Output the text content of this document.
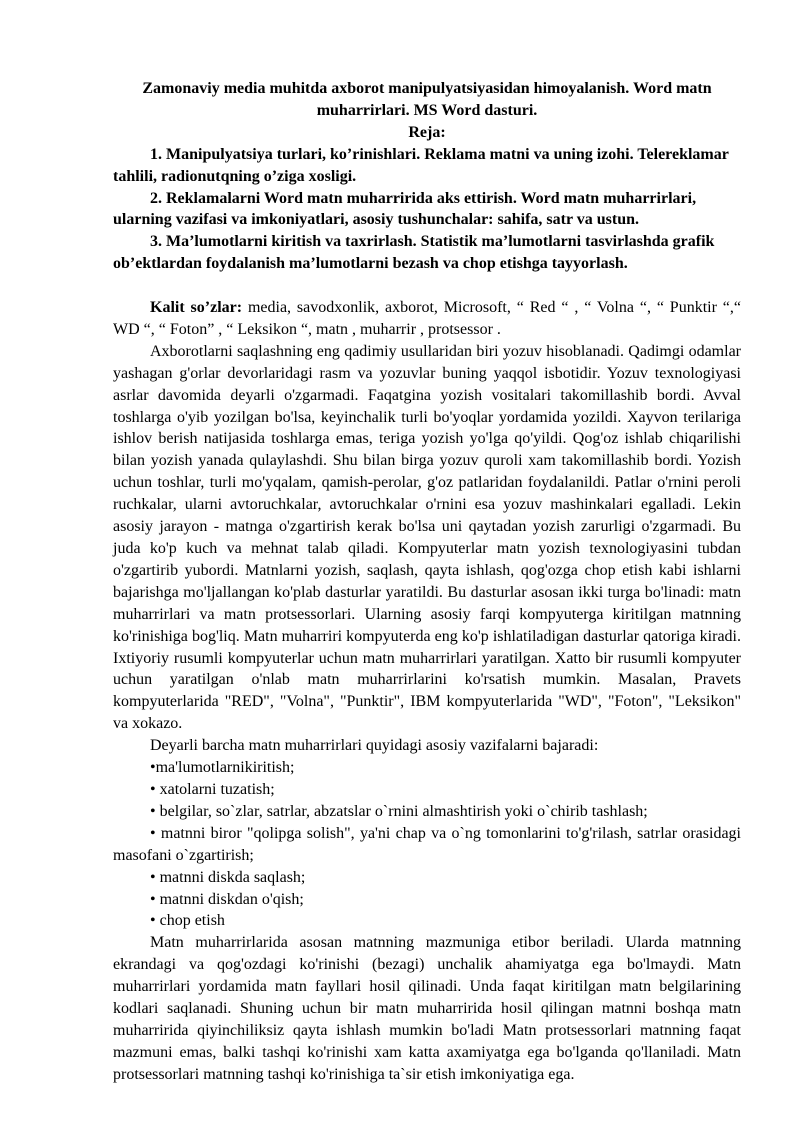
Zamonaviy media muhitda axborot manipulyatsiyasidan himoyalanish. Word matn muharrirlari. MS Word dasturi.

Reja:

1. Manipulyatsiya turlari, ko’rinishlari. Reklama matni va uning izohi. Telereklamar tahlili, radionutqning o’ziga xosligi.

2. Reklamalarni Word matn muharririda aks ettirish. Word matn muharrirlari, ularning vazifasi va imkoniyatlari, asosiy tushunchalar: sahifa, satr va ustun.

3. Ma’lumotlarni kiritish va taxrirlash. Statistik ma’lumotlarni tasvirlashda grafik ob’ektlardan foydalanish ma’lumotlarni bezash va chop etishga tayyorlash.

Kalit so’zlar: media, savodxonlik, axborot, Microsoft, “ Red “ , “ Volna “, “ Punktir “,“ WD “, “ Foton” , “ Leksikon “, matn , muharrir , protsessor .

Axborotlarni saqlashning eng qadimiy usullaridan biri yozuv hisoblanadi. Qadimgi odamlar yashagan g'orlar devorlaridagi rasm va yozuvlar buning yaqqol isbotidir. Yozuv texnologiyasi asrlar davomida deyarli o'zgarmadi. Faqatgina yozish vositalari takomillashib bordi. Avval toshlarga o'yib yozilgan bo'lsa, keyinchalik turli bo'yoqlar yordamida yozildi. Xayvon terilariga ishlov berish natijasida toshlarga emas, teriga yozish yo'lga qo'yildi. Qog'oz ishlab chiqarilishi bilan yozish yanada qulaylashdi. Shu bilan birga yozuv quroli xam takomillashib bordi. Yozish uchun toshlar, turli mo'yqalam, qamish-perolar, g'oz patlaridan foydalanildi. Patlar o'rnini peroli ruchkalar, ularni avtoruchkalar, avtoruchkalar o'rnini esa yozuv mashinkalari egalladi. Lekin asosiy jarayon - matnga o'zgartirish kerak bo'lsa uni qaytadan yozish zarurligi o'zgarmadi. Bu juda ko'p kuch va mehnat talab qiladi. Kompyuterlar matn yozish texnologiyasini tubdan o'zgartirib yubordi. Matnlarni yozish, saqlash, qayta ishlash, qog'ozga chop etish kabi ishlarni bajarishga mo'ljallangan ko'plab dasturlar yaratildi. Bu dasturlar asosan ikki turga bo'linadi: matn muharrirlari va matn protsessorlari. Ularning asosiy farqi kompyuterga kiritilgan matnning ko'rinishiga bog'liq. Matn muharriri kompyuterda eng ko'p ishlatiladigan dasturlar qatoriga kiradi. Ixtiyoriy rusumli kompyuterlar uchun matn muharrirlari yaratilgan. Xatto bir rusumli kompyuter uchun yaratilgan o'nlab matn muharrirlarini ko'rsatish mumkin. Masalan, Pravets kompyuterlarida "RED", "Volna", "Punktir", IBM kompyuterlarida "WD", "Foton", "Leksikon" va xokazo.

Deyarli barcha matn muharrirlari quyidagi asosiy vazifalarni bajaradi:

•ma'lumotlarnikiritish;

• xatolarni tuzatish;

• belgilar, so`zlar, satrlar, abzatslar o`rnini almashtirish yoki o`chirib tashlash;

• matnni biror "qolipga solish", ya'ni chap va o`ng tomonlarini to'g'rilash, satrlar orasidagi masofani o`zgartirish;

• matnni diskda saqlash;

• matnni diskdan o'qish;

• chop etish

Matn muharrirlarida asosan matnning mazmuniga etibor beriladi. Ularda matnning ekrandagi va qog'ozdagi ko'rinishi (bezagi) unchalik ahamiyatga ega bo'lmaydi. Matn muharrirlari yordamida matn fayllari hosil qilinadi. Unda faqat kiritilgan matn belgilarining kodlari saqlanadi. Shuning uchun bir matn muharririda hosil qilingan matnni boshqa matn muharririda qiyinchiliksiz qayta ishlash mumkin bo'ladi Matn protsessorlari matnning faqat mazmuni emas, balki tashqi ko'rinishi xam katta axamiyatga ega bo'lganda qo'llaniladi. Matn protsessorlari matnning tashqi ko'rinishiga ta`sir etish imkoniyatiga ega.
